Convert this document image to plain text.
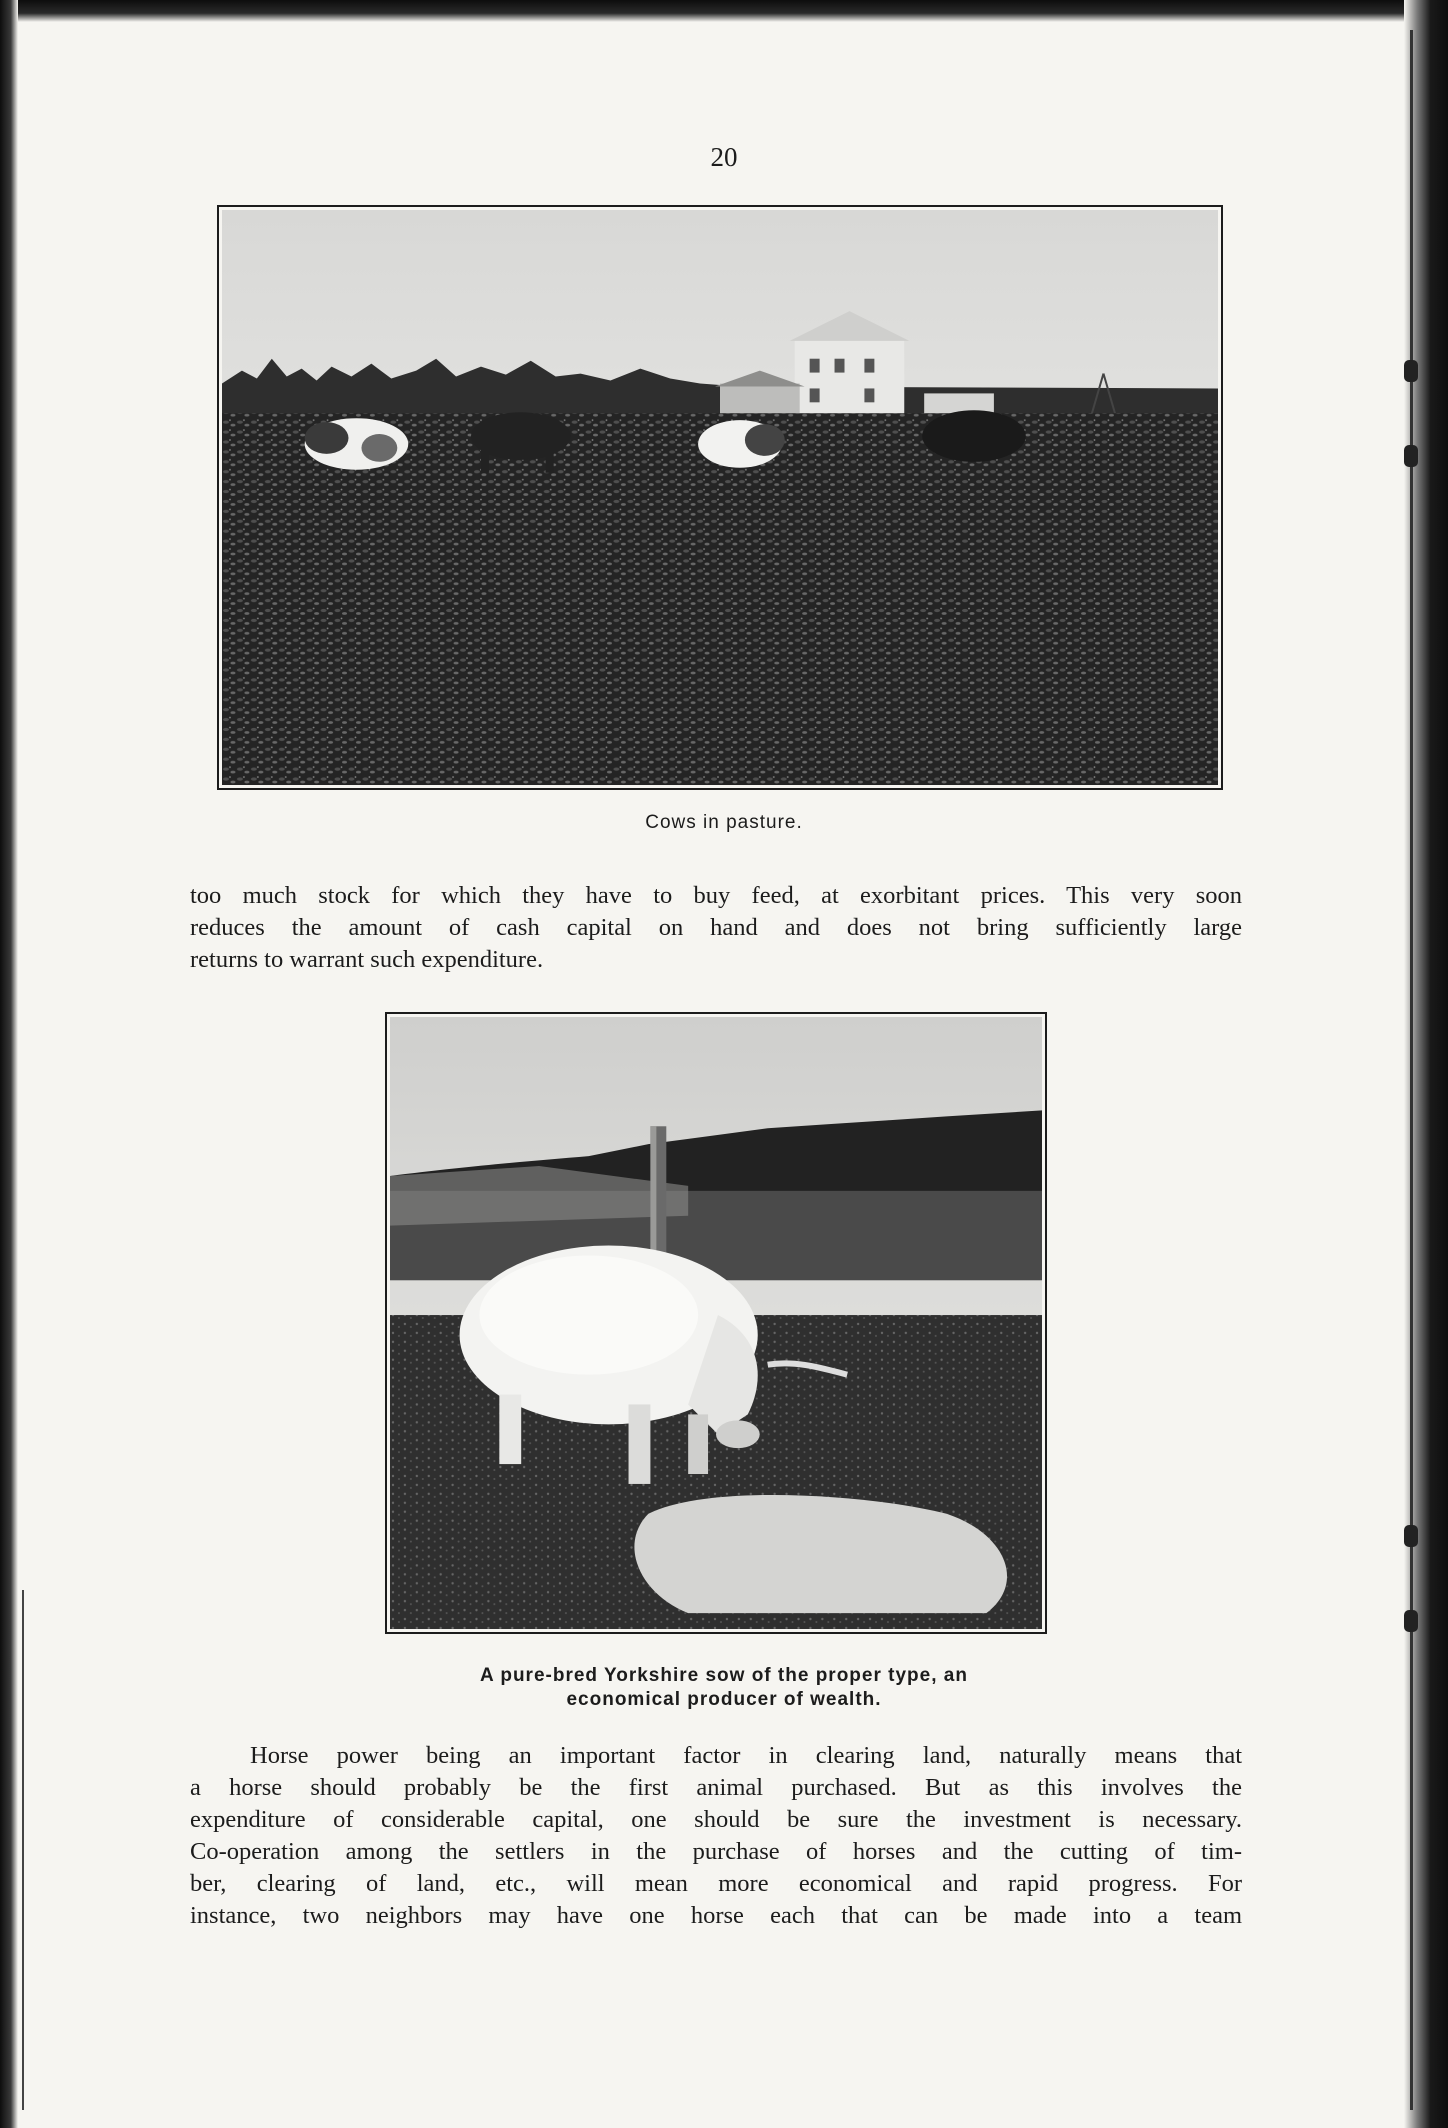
20

Cows in pasture.

too much stock for which they have to buy feed, at exorbitant prices. This very soon
reduces the amount of cash capital on hand and does not bring sufficiently large
returns to warrant such expenditure.

A pure-bred Yorkshire sow of the proper type, an
economical producer of wealth.

Horse power being an important factor in clearing land, naturally means that
a horse should probably be the first animal purchased. But as this involves the
expenditure of considerable capital, one should be sure the investment is necessary.
Co-operation among the settlers in the purchase of horses and the cutting of tim-
ber, clearing of land, etc., will mean more economical and rapid progress. For
instance, two neighbors may have one horse each that can be made into a team
